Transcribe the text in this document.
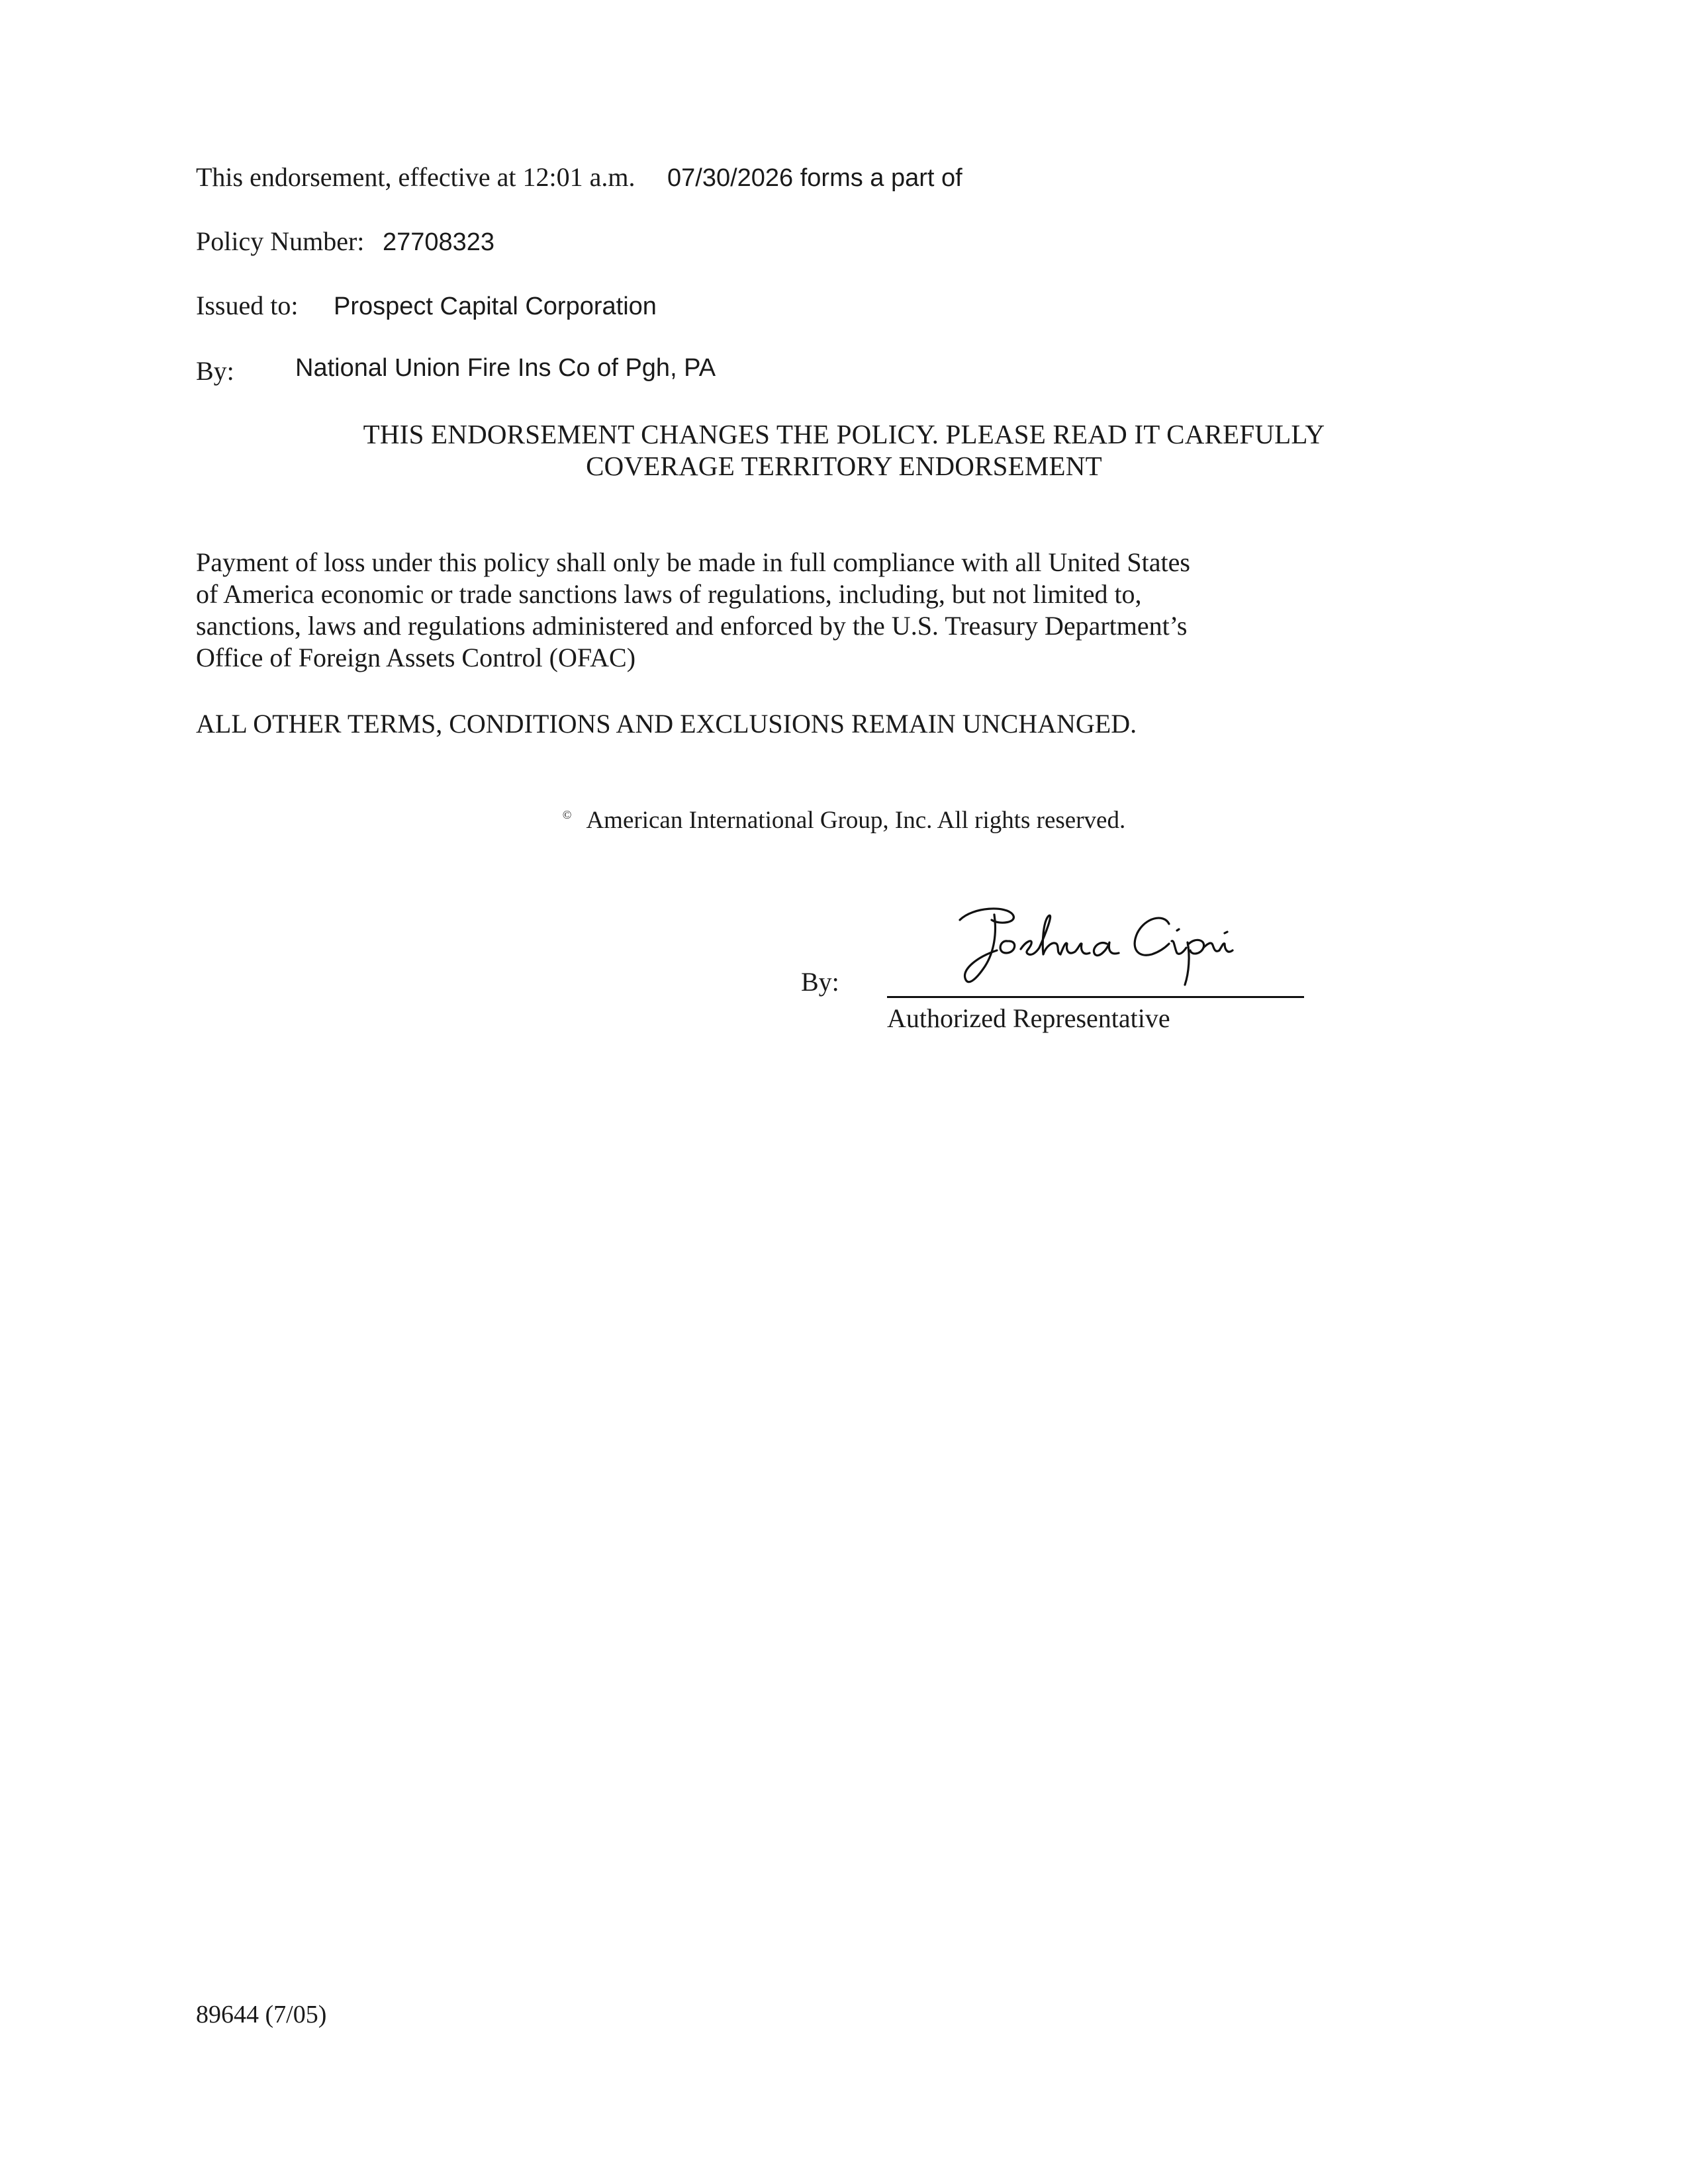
This endorsement, effective at 12:01 a.m. 07/30/2026 forms a part of
Policy Number: 27708323
Issued to: Prospect Capital Corporation
By: National Union Fire Ins Co of Pgh, PA
THIS ENDORSEMENT CHANGES THE POLICY. PLEASE READ IT CAREFULLY
COVERAGE TERRITORY ENDORSEMENT
Payment of loss under this policy shall only be made in full compliance with all United States
of America economic or trade sanctions laws of regulations, including, but not limited to,
sanctions, laws and regulations administered and enforced by the U.S. Treasury Department’s
Office of Foreign Assets Control (OFAC)
ALL OTHER TERMS, CONDITIONS AND EXCLUSIONS REMAIN UNCHANGED.
© American International Group, Inc. All rights reserved.
By:
Authorized Representative
89644 (7/05)
